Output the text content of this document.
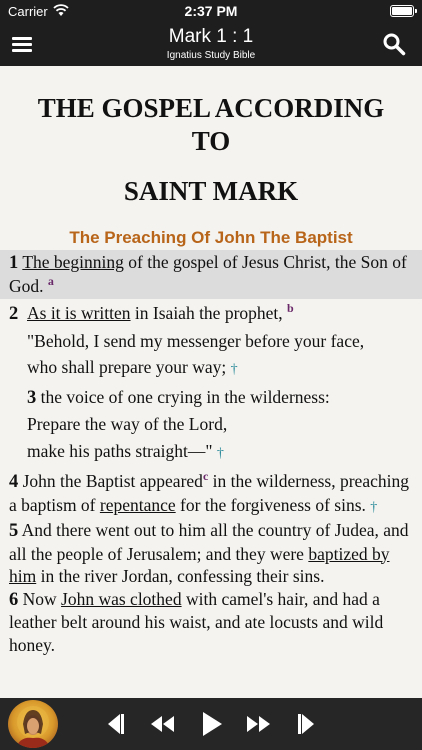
Carrier	2:37 PM
Mark 1 : 1
Ignatius Study Bible
THE GOSPEL ACCORDING
TO
SAINT MARK
The Preaching Of John The Baptist
1 The beginning of the gospel of Jesus Christ, the Son of God. $^a$
2 As it is written in Isaiah the prophet, $^b$
"Behold, I send my messenger before your face,
who shall prepare your way; †
3 the voice of one crying in the wilderness:
Prepare the way of the Lord,
make his paths straight—" †
4 John the Baptist appeared$^c$ in the wilderness, preaching a baptism of repentance for the forgiveness of sins. †
5 And there went out to him all the country of Judea, and all the people of Jerusalem; and they were baptized by him in the river Jordan, confessing their sins.
6 Now John was clothed with camel's hair, and had a leather belt around his waist, and ate locusts and wild honey.
